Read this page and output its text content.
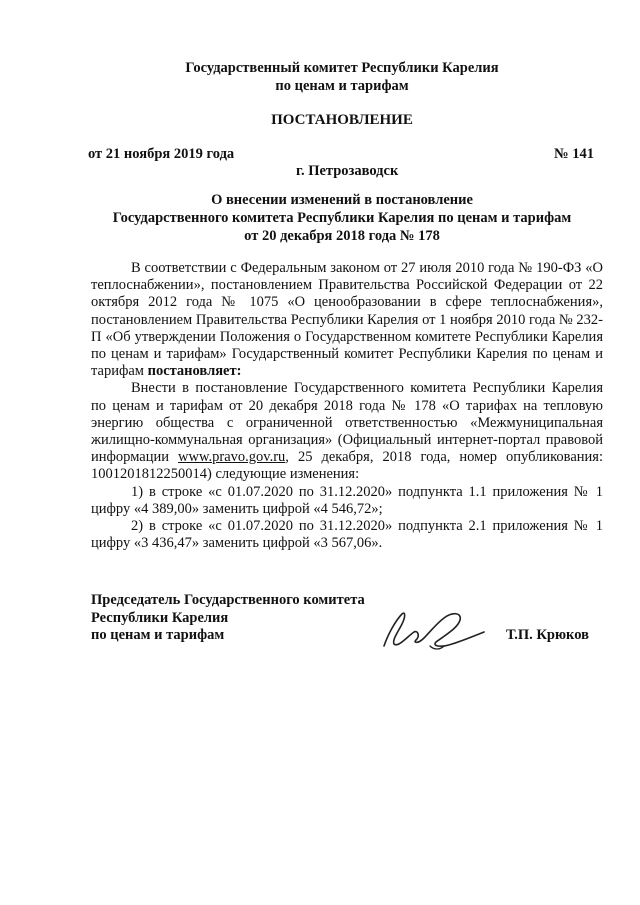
Государственный комитет Республики Карелия
по ценам и тарифам
ПОСТАНОВЛЕНИЕ
от 21 ноября 2019 года	№ 141
г. Петрозаводск
О внесении изменений в постановление
Государственного комитета Республики Карелия по ценам и тарифам
от 20 декабря 2018 года № 178

В соответствии с Федеральным законом от 27 июля 2010 года № 190-ФЗ «О теплоснабжении», постановлением Правительства Российской Федерации от 22 октября 2012 года № 1075 «О ценообразовании в сфере теплоснабжения», постановлением Правительства Республики Карелия от 1 ноября 2010 года № 232-П «Об утверждении Положения о Государственном комитете Республики Карелия по ценам и тарифам» Государственный комитет Республики Карелия по ценам и тарифам постановляет:

Внести в постановление Государственного комитета Республики Карелия по ценам и тарифам от 20 декабря 2018 года № 178 «О тарифах на тепловую энергию общества с ограниченной ответственностью «Межмуниципальная жилищно-коммунальная организация» (Официальный интернет-портал правовой информации www.pravo.gov.ru, 25 декабря, 2018 года, номер опубликования: 1001201812250014) следующие изменения:

1) в строке «с 01.07.2020 по 31.12.2020» подпункта 1.1 приложения № 1 цифру «4 389,00» заменить цифрой «4 546,72»;

2) в строке «с 01.07.2020 по 31.12.2020» подпункта 2.1 приложения № 1 цифру «3 436,47» заменить цифрой «3 567,06».

Председатель Государственного комитета
Республики Карелия
по ценам и тарифам	Т.П. Крюков
